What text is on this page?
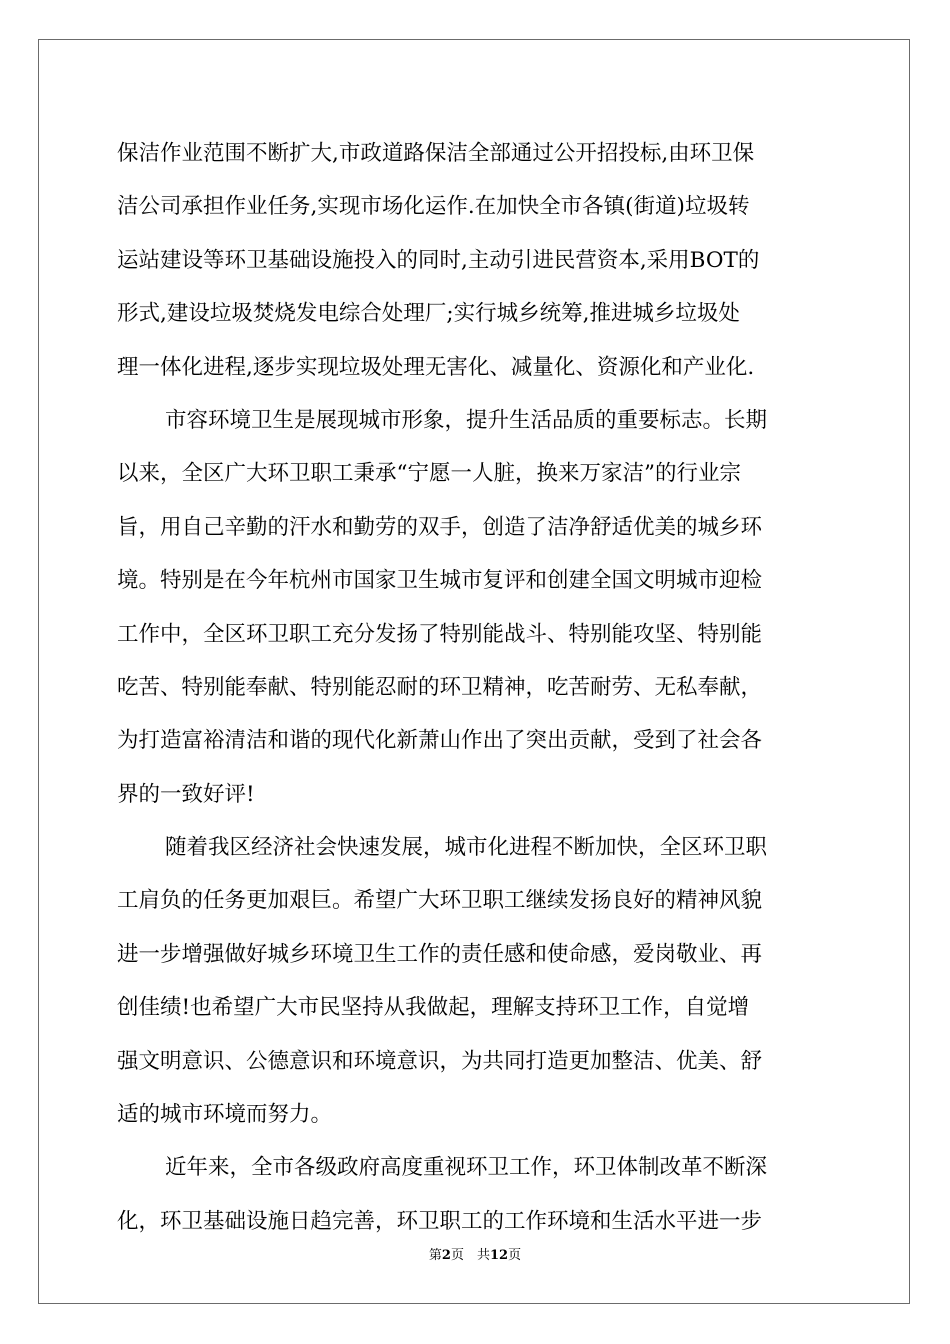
保洁作业范围不断扩大,市政道路保洁全部通过公开招投标,由环卫保
洁公司承担作业任务,实现市场化运作.在加快全市各镇(街道)垃圾转
运站建设等环卫基础设施投入的同时,主动引进民营资本,采用BOT的
形式,建设垃圾焚烧发电综合处理厂;实行城乡统筹,推进城乡垃圾处
理一体化进程,逐步实现垃圾处理无害化、减量化、资源化和产业化.
市容环境卫生是展现城市形象，提升生活品质的重要标志。长期
以来，全区广大环卫职工秉承“宁愿一人脏，换来万家洁”的行业宗
旨，用自己辛勤的汗水和勤劳的双手，创造了洁净舒适优美的城乡环
境。特别是在今年杭州市国家卫生城市复评和创建全国文明城市迎检
工作中，全区环卫职工充分发扬了特别能战斗、特别能攻坚、特别能
吃苦、特别能奉献、特别能忍耐的环卫精神，吃苦耐劳、无私奉献，
为打造富裕清洁和谐的现代化新萧山作出了突出贡献，受到了社会各
界的一致好评!
随着我区经济社会快速发展，城市化进程不断加快，全区环卫职
工肩负的任务更加艰巨。希望广大环卫职工继续发扬良好的精神风貌
进一步增强做好城乡环境卫生工作的责任感和使命感，爱岗敬业、再
创佳绩!也希望广大市民坚持从我做起，理解支持环卫工作，自觉增
强文明意识、公德意识和环境意识，为共同打造更加整洁、优美、舒
适的城市环境而努力。
近年来，全市各级政府高度重视环卫工作，环卫体制改革不断深
化，环卫基础设施日趋完善，环卫职工的工作环境和生活水平进一步
第2页　共12页
